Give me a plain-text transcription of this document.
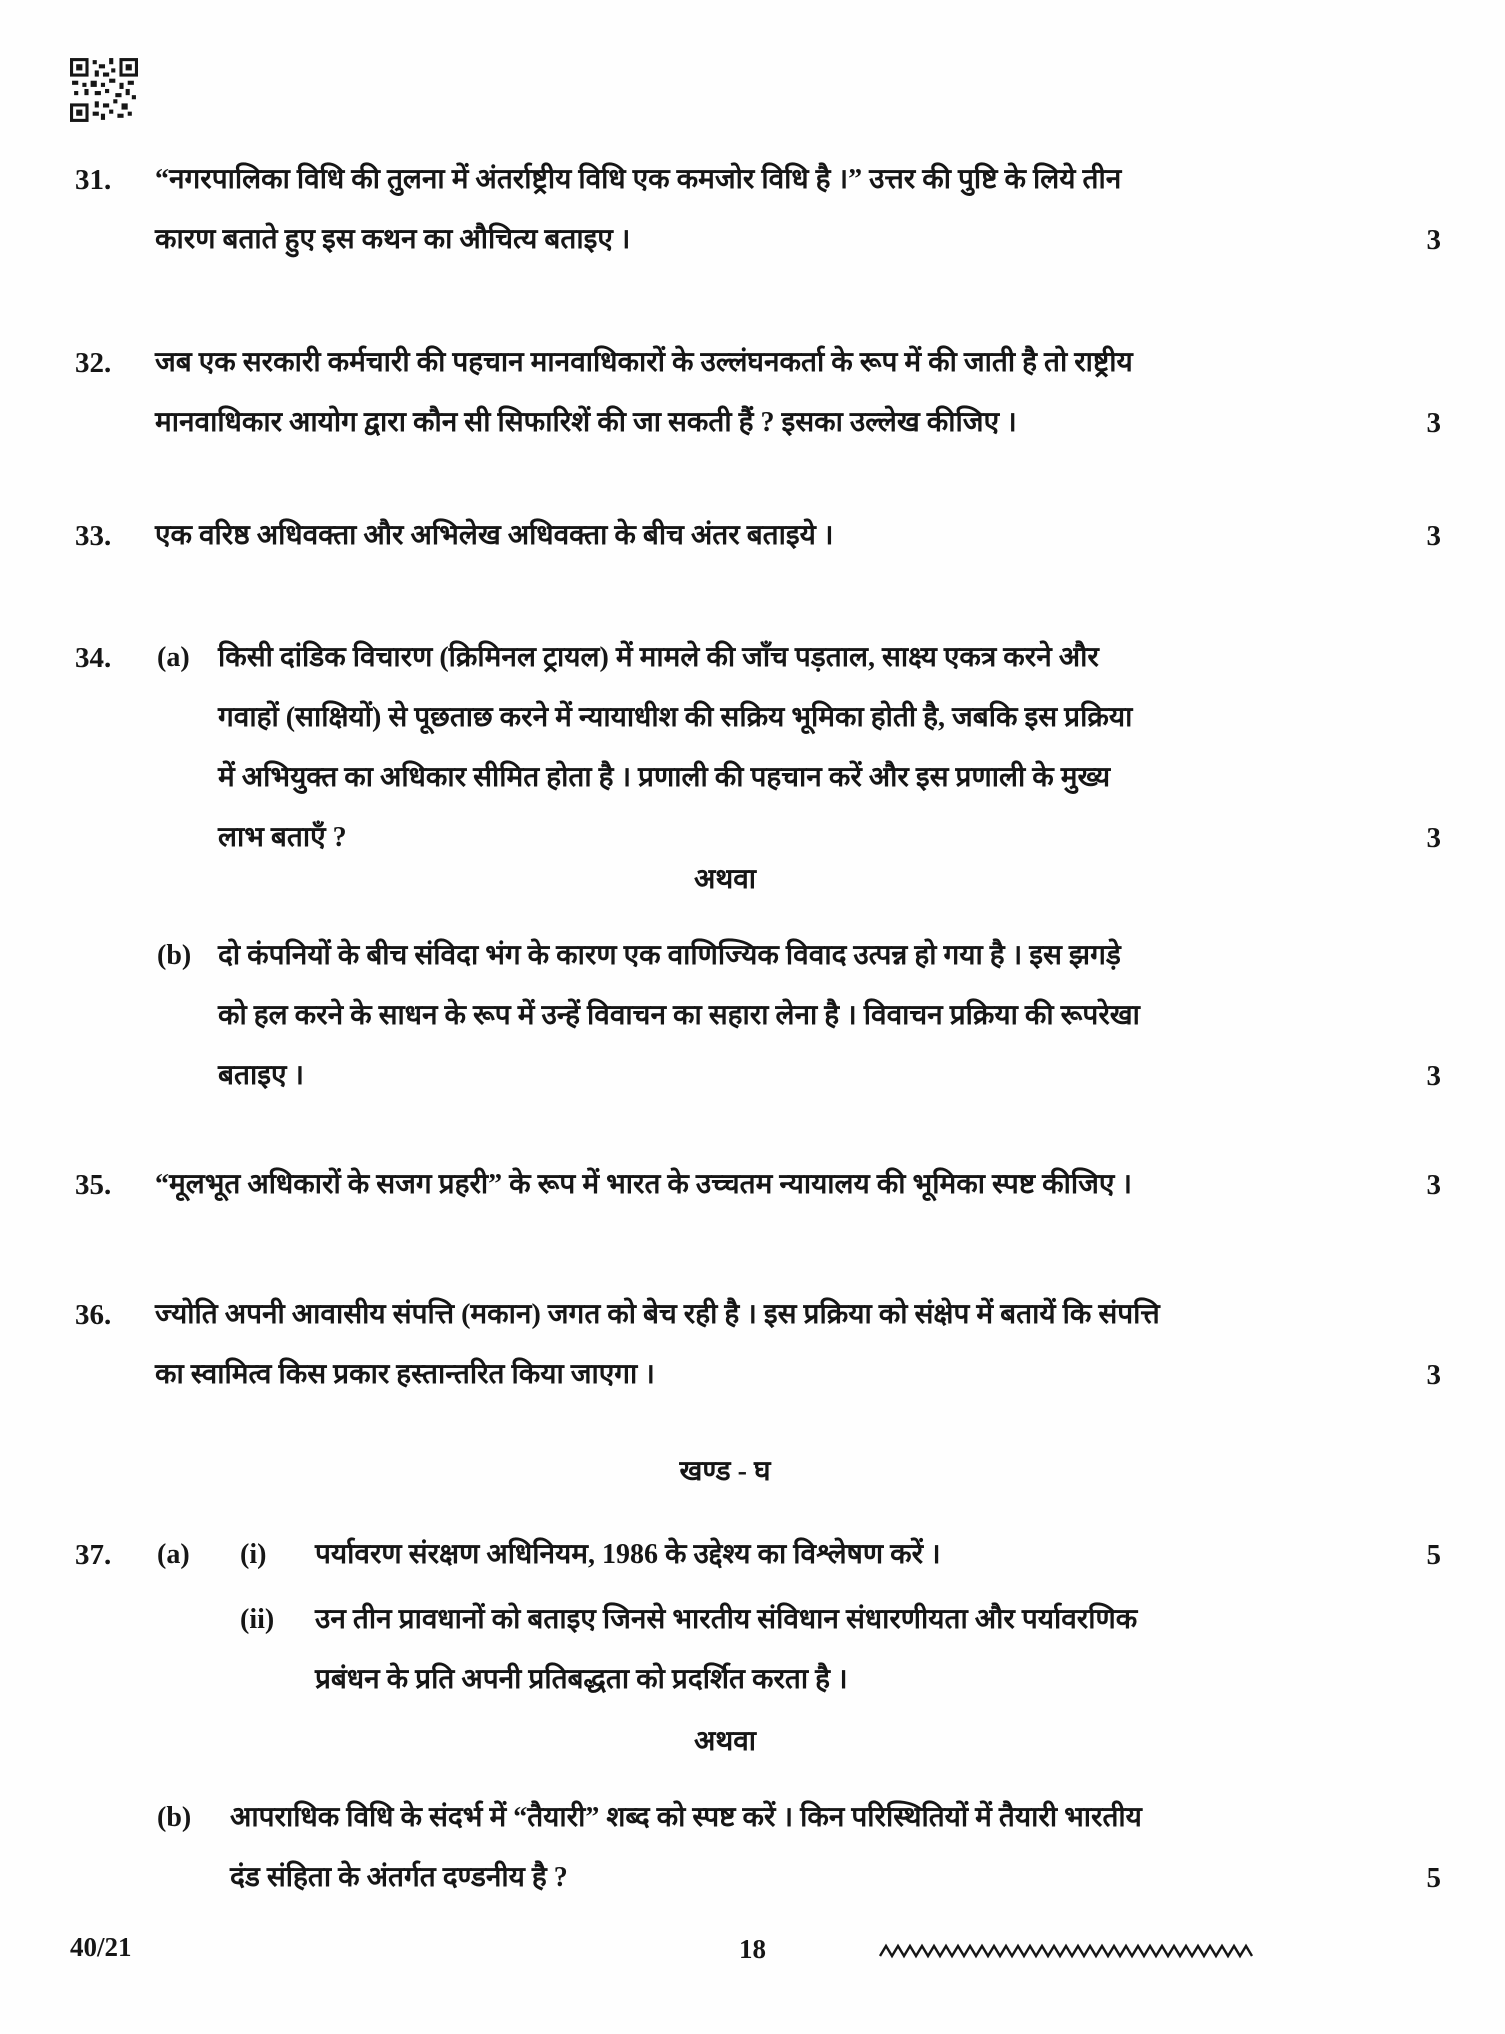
31. “नगरपालिका विधि की तुलना में अंतर्राष्ट्रीय विधि एक कमजोर विधि है ।” उत्तर की पुष्टि के लिये तीन
कारण बताते हुए इस कथन का औचित्य बताइए ।	3
32. जब एक सरकारी कर्मचारी की पहचान मानवाधिकारों के उल्लंघनकर्ता के रूप में की जाती है तो राष्ट्रीय
मानवाधिकार आयोग द्वारा कौन सी सिफारिशें की जा सकती हैं ? इसका उल्लेख कीजिए ।	3
33. एक वरिष्ठ अधिवक्ता और अभिलेख अधिवक्ता के बीच अंतर बताइये ।	3
34. (a) किसी दांडिक विचारण (क्रिमिनल ट्रायल) में मामले की जाँच पड़ताल, साक्ष्य एकत्र करने और
गवाहों (साक्षियों) से पूछताछ करने में न्यायाधीश की सक्रिय भूमिका होती है, जबकि इस प्रक्रिया
में अभियुक्त का अधिकार सीमित होता है । प्रणाली की पहचान करें और इस प्रणाली के मुख्य
लाभ बताएँ ?	3
अथवा
(b) दो कंपनियों के बीच संविदा भंग के कारण एक वाणिज्यिक विवाद उत्पन्न हो गया है । इस झगड़े
को हल करने के साधन के रूप में उन्हें विवाचन का सहारा लेना है । विवाचन प्रक्रिया की रूपरेखा
बताइए ।	3
35. “मूलभूत अधिकारों के सजग प्रहरी” के रूप में भारत के उच्चतम न्यायालय की भूमिका स्पष्ट कीजिए ।	3
36. ज्योति अपनी आवासीय संपत्ति (मकान) जगत को बेच रही है । इस प्रक्रिया को संक्षेप में बतायें कि संपत्ति
का स्वामित्व किस प्रकार हस्तान्तरित किया जाएगा ।	3
खण्ड - घ
37. (a) (i) पर्यावरण संरक्षण अधिनियम, 1986 के उद्देश्य का विश्लेषण करें ।	5
(ii) उन तीन प्रावधानों को बताइए जिनसे भारतीय संविधान संधारणीयता और पर्यावरणिक
प्रबंधन के प्रति अपनी प्रतिबद्धता को प्रदर्शित करता है ।
अथवा
(b) आपराधिक विधि के संदर्भ में “तैयारी” शब्द को स्पष्ट करें । किन परिस्थितियों में तैयारी भारतीय
दंड संहिता के अंतर्गत दण्डनीय है ?	5
40/21	18
